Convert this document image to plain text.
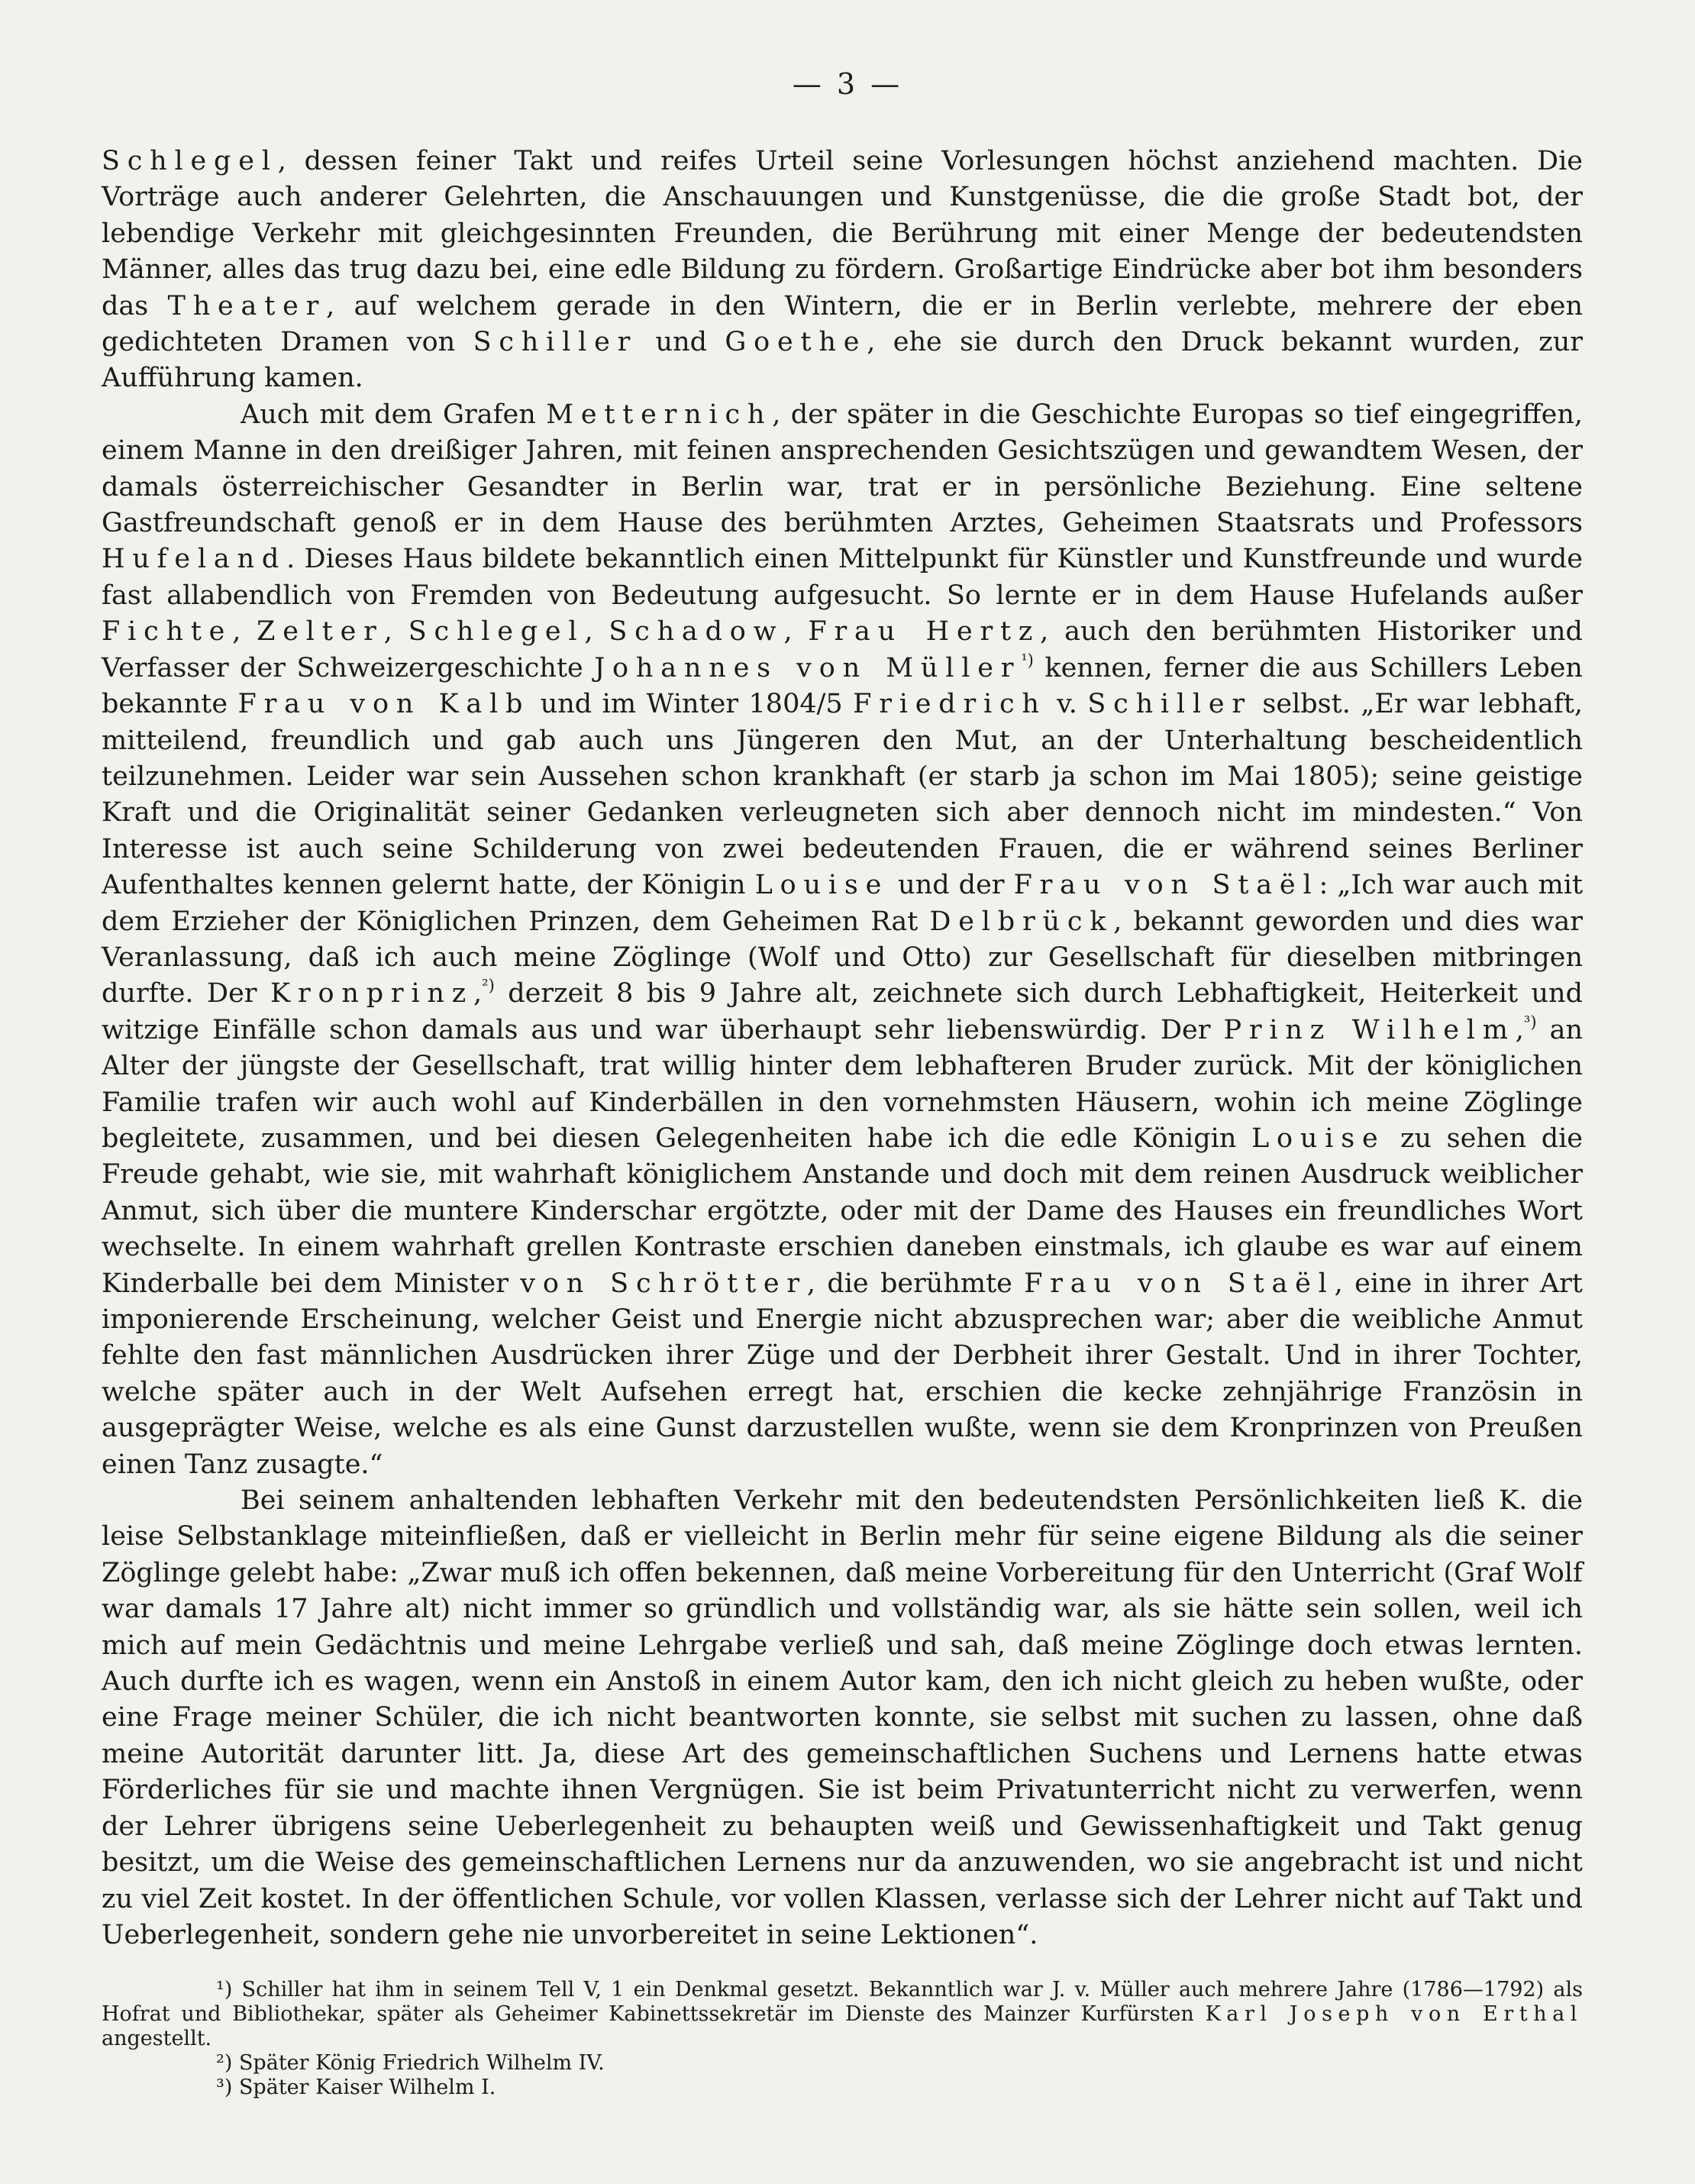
— 3 —

Schlegel, dessen feiner Takt und reifes Urteil seine Vorlesungen höchst anziehend machten. Die Vorträge auch anderer Gelehrten, die Anschauungen und Kunstgenüsse, die die große Stadt bot, der lebendige Verkehr mit gleichgesinnten Freunden, die Berührung mit einer Menge der bedeutendsten Männer, alles das trug dazu bei, eine edle Bildung zu fördern. Großartige Eindrücke aber bot ihm besonders das Theater, auf welchem gerade in den Wintern, die er in Berlin verlebte, mehrere der eben gedichteten Dramen von Schiller und Goethe, ehe sie durch den Druck bekannt wurden, zur Aufführung kamen.

Auch mit dem Grafen Metternich, der später in die Geschichte Europas so tief eingegriffen, einem Manne in den dreißiger Jahren, mit feinen ansprechenden Gesichtszügen und gewandtem Wesen, der damals österreichischer Gesandter in Berlin war, trat er in persönliche Beziehung. Eine seltene Gastfreundschaft genoß er in dem Hause des berühmten Arztes, Geheimen Staatsrats und Professors Hufeland. Dieses Haus bildete bekanntlich einen Mittelpunkt für Künstler und Kunstfreunde und wurde fast allabendlich von Fremden von Bedeutung aufgesucht. So lernte er in dem Hause Hufelands außer Fichte, Zelter, Schlegel, Schadow, Frau Hertz, auch den berühmten Historiker und Verfasser der Schweizergeschichte Johannes von Müller$^{^1)}$ kennen, ferner die aus Schillers Leben bekannte Frau von Kalb und im Winter 1804/5 Friedrich v. Schiller selbst. „Er war lebhaft, mitteilend, freundlich und gab auch uns Jüngeren den Mut, an der Unterhaltung bescheidentlich teilzunehmen. Leider war sein Aussehen schon krankhaft (er starb ja schon im Mai 1805); seine geistige Kraft und die Originalität seiner Gedanken verleugneten sich aber dennoch nicht im mindesten.“ Von Interesse ist auch seine Schilderung von zwei bedeutenden Frauen, die er während seines Berliner Aufenthaltes kennen gelernt hatte, der Königin Louise und der Frau von Staël: „Ich war auch mit dem Erzieher der Königlichen Prinzen, dem Geheimen Rat Delbrück, bekannt geworden und dies war Veranlassung, daß ich auch meine Zöglinge (Wolf und Otto) zur Gesellschaft für dieselben mitbringen durfte. Der Kronprinz,$^{^2)}$ derzeit 8 bis 9 Jahre alt, zeichnete sich durch Lebhaftigkeit, Heiterkeit und witzige Einfälle schon damals aus und war überhaupt sehr liebenswürdig. Der Prinz Wilhelm,$^{^3)}$ an Alter der jüngste der Gesellschaft, trat willig hinter dem lebhafteren Bruder zurück. Mit der königlichen Familie trafen wir auch wohl auf Kinderbällen in den vornehmsten Häusern, wohin ich meine Zöglinge begleitete, zusammen, und bei diesen Gelegenheiten habe ich die edle Königin Louise zu sehen die Freude gehabt, wie sie, mit wahrhaft königlichem Anstande und doch mit dem reinen Ausdruck weiblicher Anmut, sich über die muntere Kinderschar ergötzte, oder mit der Dame des Hauses ein freundliches Wort wechselte. In einem wahrhaft grellen Kontraste erschien daneben einstmals, ich glaube es war auf einem Kinderballe bei dem Minister von Schrötter, die berühmte Frau von Staël, eine in ihrer Art imponierende Erscheinung, welcher Geist und Energie nicht abzusprechen war; aber die weibliche Anmut fehlte den fast männlichen Ausdrücken ihrer Züge und der Derbheit ihrer Gestalt. Und in ihrer Tochter, welche später auch in der Welt Aufsehen erregt hat, erschien die kecke zehnjährige Französin in ausgeprägter Weise, welche es als eine Gunst darzustellen wußte, wenn sie dem Kronprinzen von Preußen einen Tanz zusagte.“

Bei seinem anhaltenden lebhaften Verkehr mit den bedeutendsten Persönlichkeiten ließ K. die leise Selbstanklage miteinfließen, daß er vielleicht in Berlin mehr für seine eigene Bildung als die seiner Zöglinge gelebt habe: „Zwar muß ich offen bekennen, daß meine Vorbereitung für den Unterricht (Graf Wolf war damals 17 Jahre alt) nicht immer so gründlich und vollständig war, als sie hätte sein sollen, weil ich mich auf mein Gedächtnis und meine Lehrgabe verließ und sah, daß meine Zöglinge doch etwas lernten. Auch durfte ich es wagen, wenn ein Anstoß in einem Autor kam, den ich nicht gleich zu heben wußte, oder eine Frage meiner Schüler, die ich nicht beantworten konnte, sie selbst mit suchen zu lassen, ohne daß meine Autorität darunter litt. Ja, diese Art des gemeinschaftlichen Suchens und Lernens hatte etwas Förderliches für sie und machte ihnen Vergnügen. Sie ist beim Privatunterricht nicht zu verwerfen, wenn der Lehrer übrigens seine Ueberlegenheit zu behaupten weiß und Gewissenhaftigkeit und Takt genug besitzt, um die Weise des gemeinschaftlichen Lernens nur da anzuwenden, wo sie angebracht ist und nicht zu viel Zeit kostet. In der öffentlichen Schule, vor vollen Klassen, verlasse sich der Lehrer nicht auf Takt und Ueberlegenheit, sondern gehe nie unvorbereitet in seine Lektionen“.

¹) Schiller hat ihm in seinem Tell V, 1 ein Denkmal gesetzt. Bekanntlich war J. v. Müller auch mehrere Jahre (1786—1792) als Hofrat und Bibliothekar, später als Geheimer Kabinettssekretär im Dienste des Mainzer Kurfürsten Karl Joseph von Erthal angestellt.

²) Später König Friedrich Wilhelm IV.

³) Später Kaiser Wilhelm I.
